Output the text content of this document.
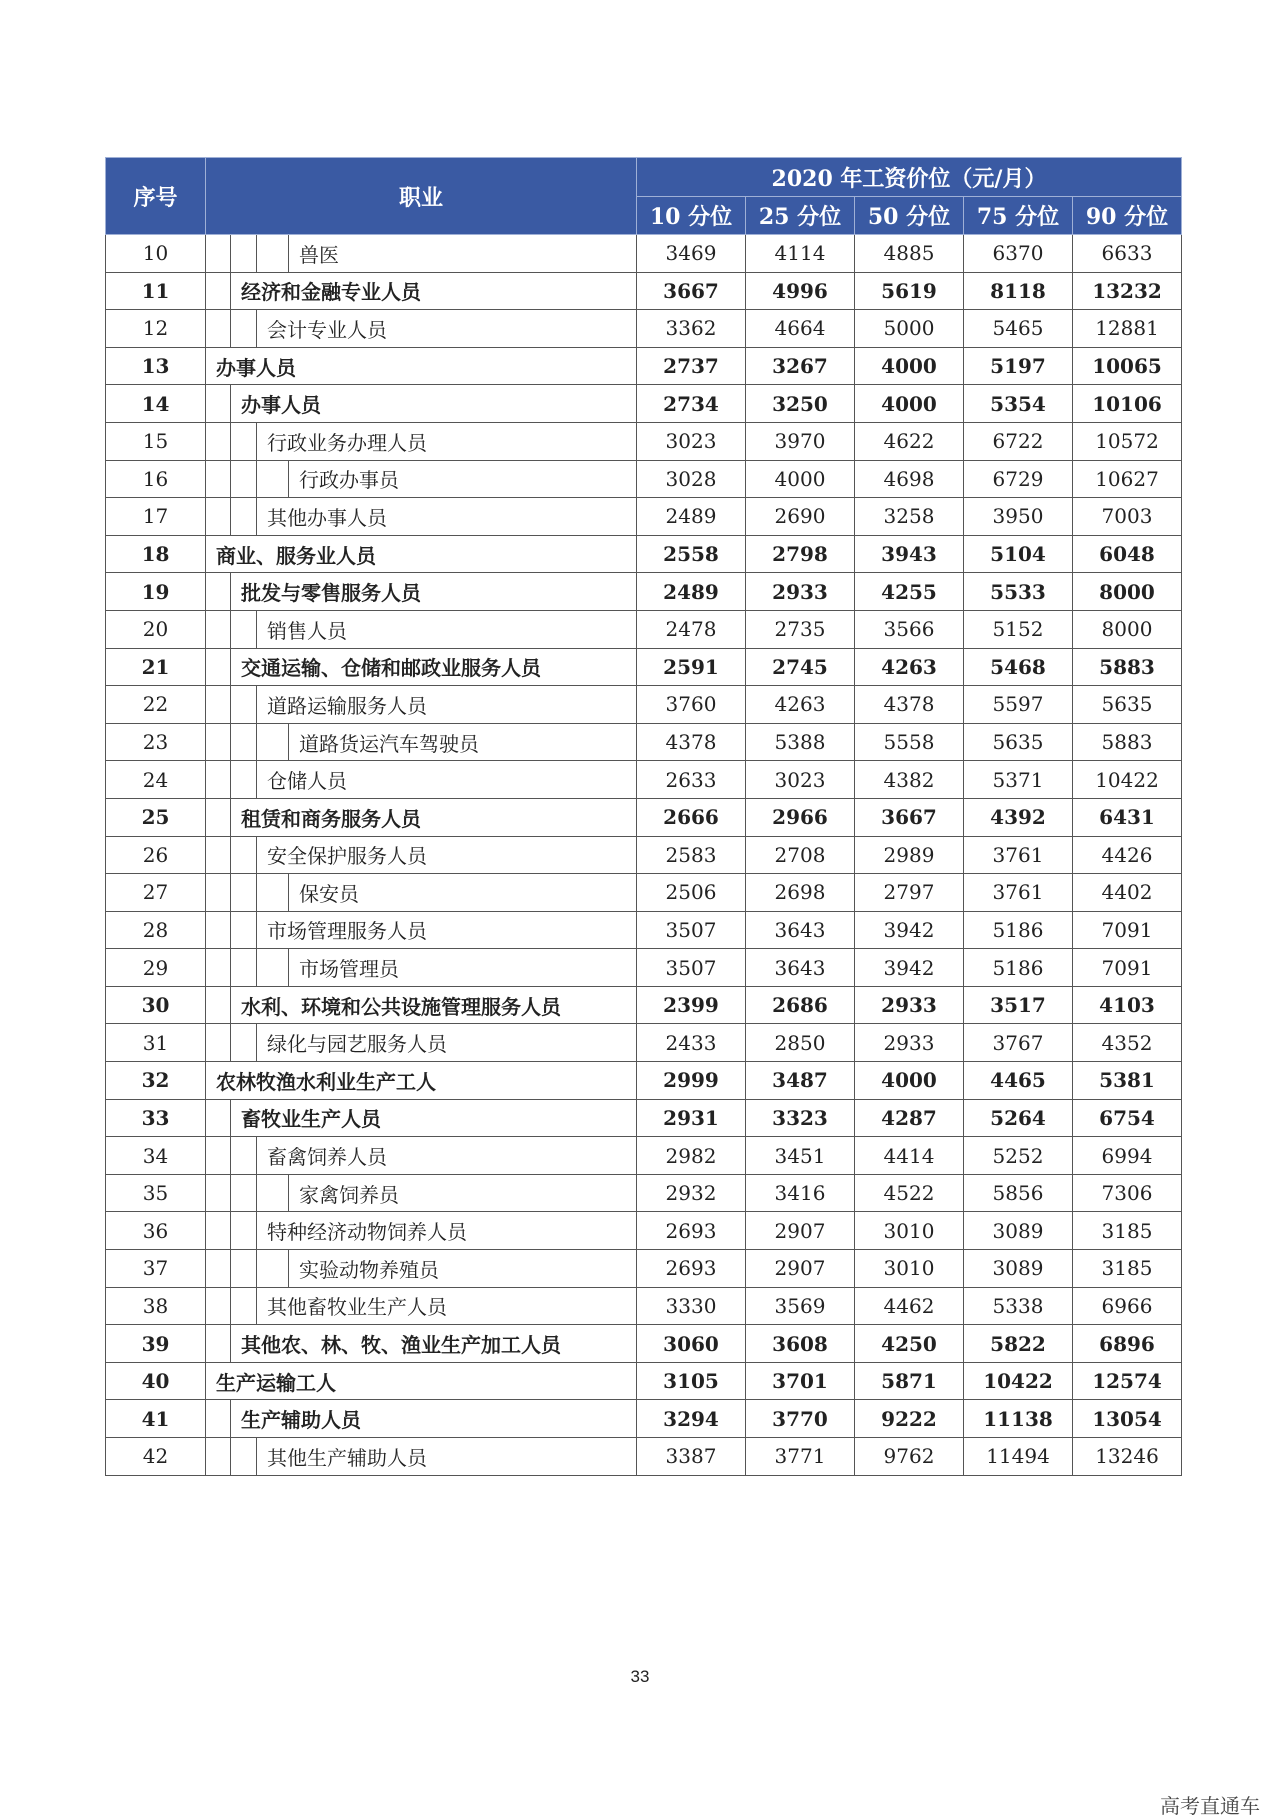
序号	职业	2020 年工资价位（元/月）				
		10 分位	25 分位	50 分位	75 分位	90 分位
10	兽医	3469	4114	4885	6370	6633
11	经济和金融专业人员	3667	4996	5619	8118	13232
12	会计专业人员	3362	4664	5000	5465	12881
13	办事人员	2737	3267	4000	5197	10065
14	办事人员	2734	3250	4000	5354	10106
15	行政业务办理人员	3023	3970	4622	6722	10572
16	行政办事员	3028	4000	4698	6729	10627
17	其他办事人员	2489	2690	3258	3950	7003
18	商业、服务业人员	2558	2798	3943	5104	6048
19	批发与零售服务人员	2489	2933	4255	5533	8000
20	销售人员	2478	2735	3566	5152	8000
21	交通运输、仓储和邮政业服务人员	2591	2745	4263	5468	5883
22	道路运输服务人员	3760	4263	4378	5597	5635
23	道路货运汽车驾驶员	4378	5388	5558	5635	5883
24	仓储人员	2633	3023	4382	5371	10422
25	租赁和商务服务人员	2666	2966	3667	4392	6431
26	安全保护服务人员	2583	2708	2989	3761	4426
27	保安员	2506	2698	2797	3761	4402
28	市场管理服务人员	3507	3643	3942	5186	7091
29	市场管理员	3507	3643	3942	5186	7091
30	水利、环境和公共设施管理服务人员	2399	2686	2933	3517	4103
31	绿化与园艺服务人员	2433	2850	2933	3767	4352
32	农林牧渔水利业生产工人	2999	3487	4000	4465	5381
33	畜牧业生产人员	2931	3323	4287	5264	6754
34	畜禽饲养人员	2982	3451	4414	5252	6994
35	家禽饲养员	2932	3416	4522	5856	7306
36	特种经济动物饲养人员	2693	2907	3010	3089	3185
37	实验动物养殖员	2693	2907	3010	3089	3185
38	其他畜牧业生产人员	3330	3569	4462	5338	6966
39	其他农、林、牧、渔业生产加工人员	3060	3608	4250	5822	6896
40	生产运输工人	3105	3701	5871	10422	12574
41	生产辅助人员	3294	3770	9222	11138	13054
42	其他生产辅助人员	3387	3771	9762	11494	13246
33
高考直通车
